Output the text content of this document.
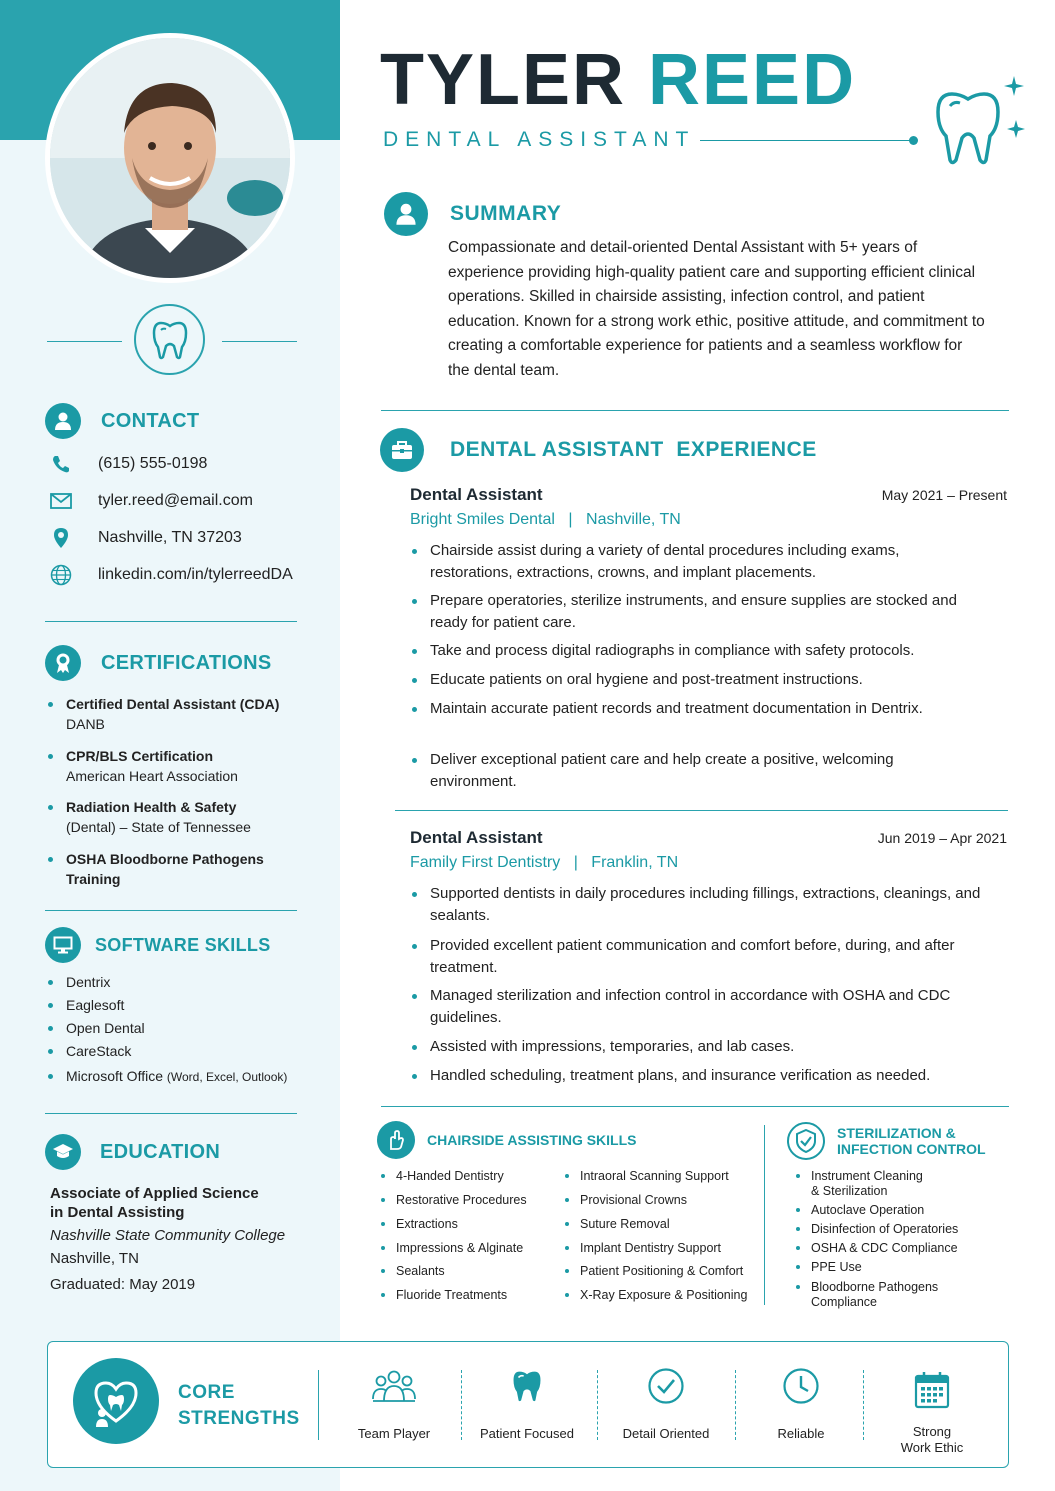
CONTACT
(615) 555-0198
tyler.reed@email.com
Nashville, TN 37203
linkedin.com/in/tylerreedDA
CERTIFICATIONS
Certified Dental Assistant (CDA)
DANB
CPR/BLS Certification
American Heart Association
Radiation Health & Safety
(Dental) – State of Tennessee
OSHA Bloodborne Pathogens
Training
SOFTWARE SKILLS
Dentrix
Eaglesoft
Open Dental
CareStack
Microsoft Office (Word, Excel, Outlook)
EDUCATION
Associate of Applied Science
in Dental Assisting
Nashville State Community College
Nashville, TN
Graduated: May 2019
TYLER REED
DENTAL ASSISTANT
SUMMARY
Compassionate and detail-oriented Dental Assistant with 5+ years of experience providing high-quality patient care and supporting efficient clinical operations. Skilled in chairside assisting, infection control, and patient education. Known for a strong work ethic, positive attitude, and commitment to creating a comfortable experience for patients and a seamless workflow for the dental team.
DENTAL ASSISTANT  EXPERIENCE
Dental Assistant	May 2021 – Present
Bright Smiles Dental | Nashville, TN
Chairside assist during a variety of dental procedures including exams, restorations, extractions, crowns, and implant placements.
Prepare operatories, sterilize instruments, and ensure supplies are stocked and ready for patient care.
Take and process digital radiographs in compliance with safety protocols.
Educate patients on oral hygiene and post-treatment instructions.
Maintain accurate patient records and treatment documentation in Dentrix.
Deliver exceptional patient care and help create a positive, welcoming environment.
Dental Assistant	Jun 2019 – Apr 2021
Family First Dentistry | Franklin, TN
Supported dentists in daily procedures including fillings, extractions, cleanings, and sealants.
Provided excellent patient communication and comfort before, during, and after treatment.
Managed sterilization and infection control in accordance with OSHA and CDC guidelines.
Assisted with impressions, temporaries, and lab cases.
Handled scheduling, treatment plans, and insurance verification as needed.
CHAIRSIDE ASSISTING SKILLS
4-Handed Dentistry
Restorative Procedures
Extractions
Impressions & Alginate
Sealants
Fluoride Treatments
Intraoral Scanning Support
Provisional Crowns
Suture Removal
Implant Dentistry Support
Patient Positioning & Comfort
X-Ray Exposure & Positioning
STERILIZATION &
INFECTION CONTROL
Instrument Cleaning
& Sterilization
Autoclave Operation
Disinfection of Operatories
OSHA & CDC Compliance
PPE Use
Bloodborne Pathogens
Compliance
CORE
STRENGTHS
Team Player	Patient Focused	Detail Oriented	Reliable	Strong
Work Ethic
